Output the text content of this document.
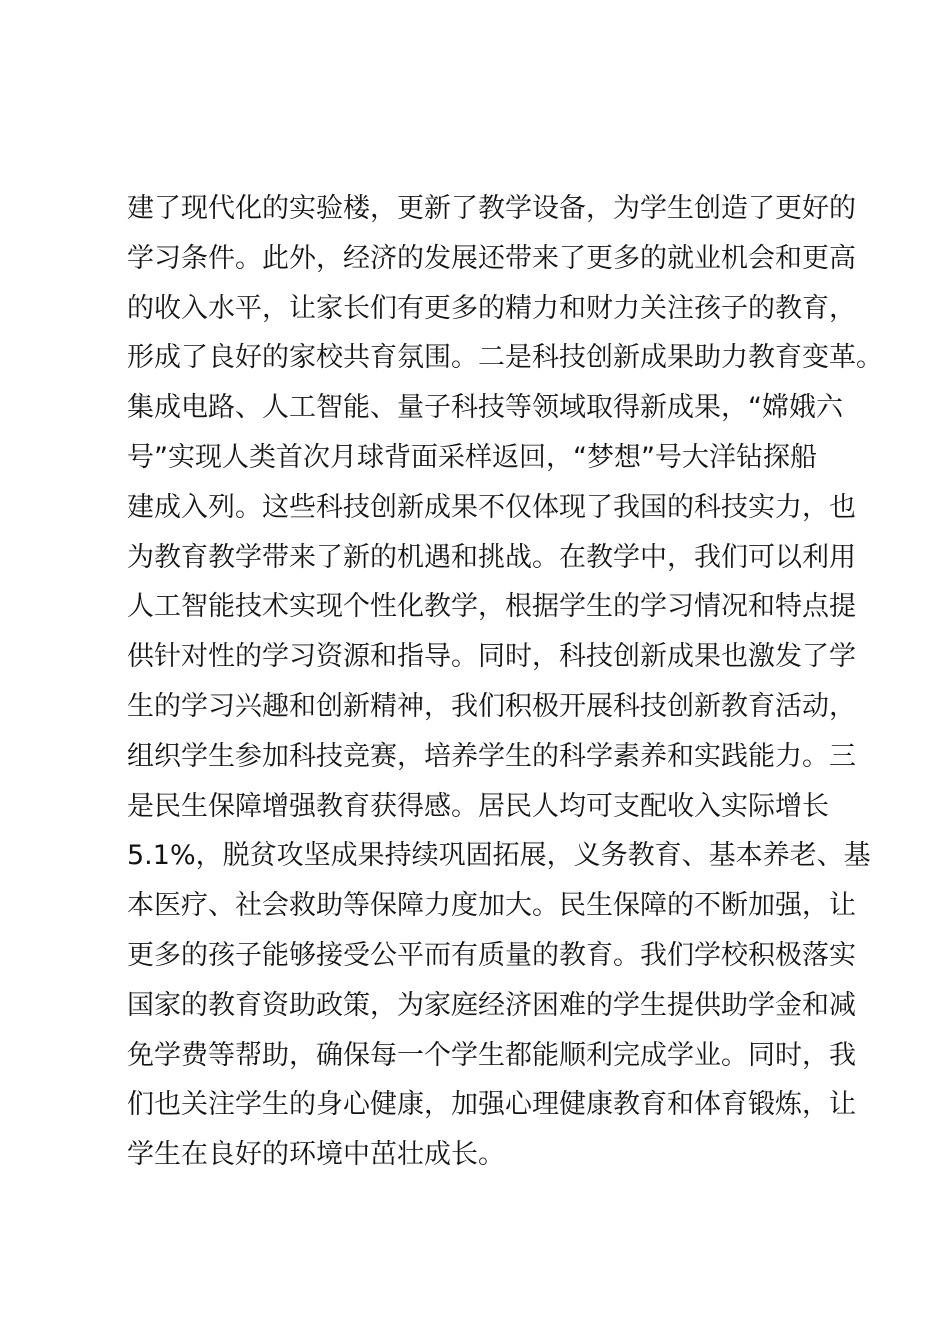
建了现代化的实验楼，更新了教学设备，为学生创造了更好的
学习条件。此外，经济的发展还带来了更多的就业机会和更高
的收入水平，让家长们有更多的精力和财力关注孩子的教育，
形成了良好的家校共育氛围。二是科技创新成果助力教育变革。
集成电路、人工智能、量子科技等领域取得新成果，“嫦娥六
号”实现人类首次月球背面采样返回，“梦想”号大洋钻探船
建成入列。这些科技创新成果不仅体现了我国的科技实力，也
为教育教学带来了新的机遇和挑战。在教学中，我们可以利用
人工智能技术实现个性化教学，根据学生的学习情况和特点提
供针对性的学习资源和指导。同时，科技创新成果也激发了学
生的学习兴趣和创新精神，我们积极开展科技创新教育活动，
组织学生参加科技竞赛，培养学生的科学素养和实践能力。三
是民生保障增强教育获得感。居民人均可支配收入实际增长
5.1%，脱贫攻坚成果持续巩固拓展，义务教育、基本养老、基
本医疗、社会救助等保障力度加大。民生保障的不断加强，让
更多的孩子能够接受公平而有质量的教育。我们学校积极落实
国家的教育资助政策，为家庭经济困难的学生提供助学金和减
免学费等帮助，确保每一个学生都能顺利完成学业。同时，我
们也关注学生的身心健康，加强心理健康教育和体育锻炼，让
学生在良好的环境中茁壮成长。
